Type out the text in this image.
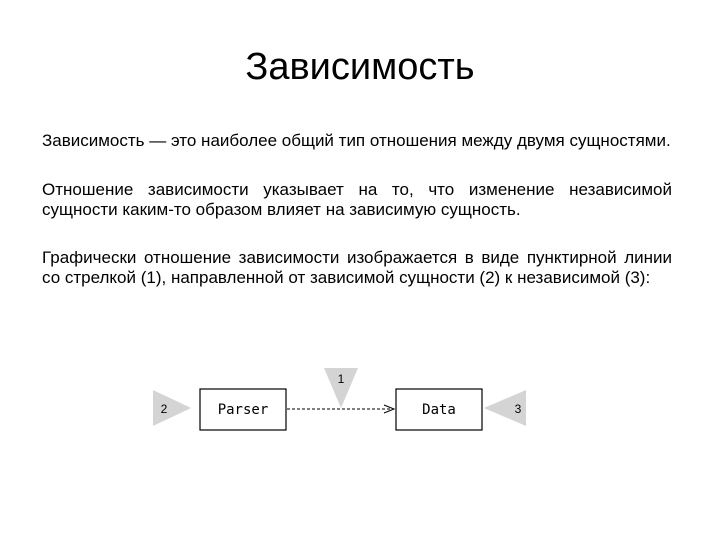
Зависимость

Зависимость — это наиболее общий тип отношения между двумя сущностями.

Отношение зависимости указывает на то, что изменение независимой сущности каким-то образом влияет на зависимую сущность.

Графически отношение зависимости изображается в виде пунктирной линии со стрелкой (1), направленной от зависимой сущности (2) к независимой (3):

1
2	Parser	Data	3
